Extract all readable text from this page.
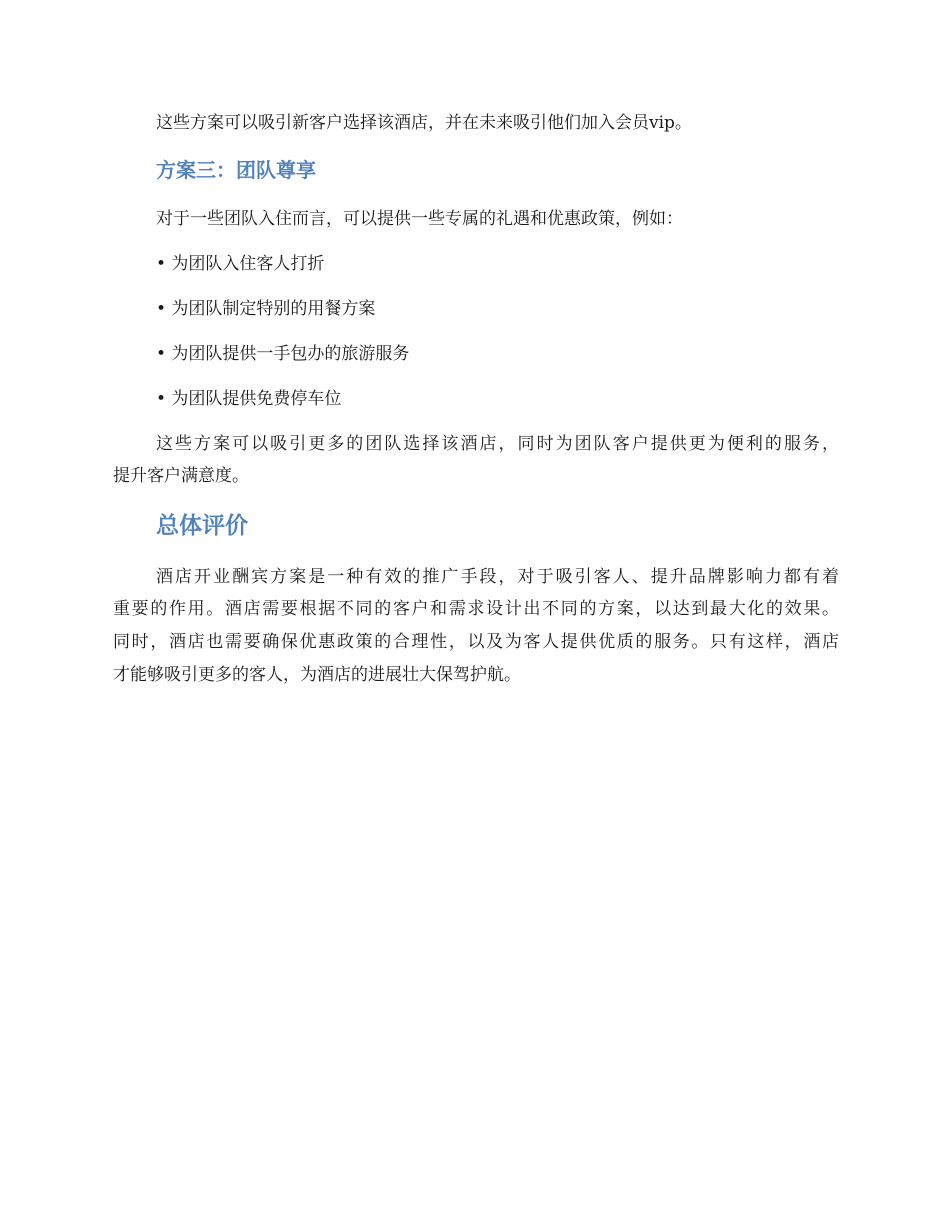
这些方案可以吸引新客户选择该酒店，并在未来吸引他们加入会员vip。
方案三：团队尊享
对于一些团队入住而言，可以提供一些专属的礼遇和优惠政策，例如：
• 为团队入住客人打折
• 为团队制定特别的用餐方案
• 为团队提供一手包办的旅游服务
• 为团队提供免费停车位
这些方案可以吸引更多的团队选择该酒店，同时为团队客户提供更为便利的服务，
提升客户满意度。
总体评价
酒店开业酬宾方案是一种有效的推广手段，对于吸引客人、提升品牌影响力都有着
重要的作用。酒店需要根据不同的客户和需求设计出不同的方案，以达到最大化的效果。
同时，酒店也需要确保优惠政策的合理性，以及为客人提供优质的服务。只有这样，酒店
才能够吸引更多的客人，为酒店的进展壮大保驾护航。
